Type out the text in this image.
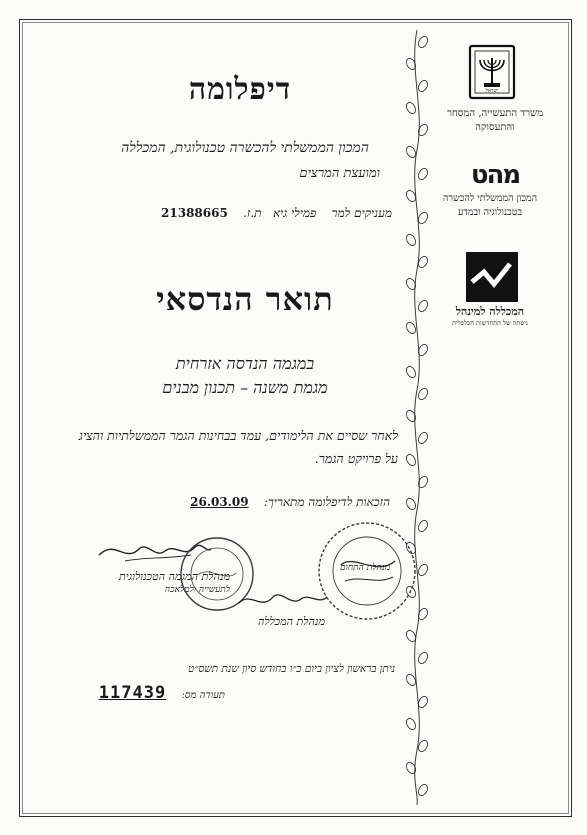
דיפלומה
המכון הממשלתי להכשרה טכנולוגית, המכללה
ומועצת המרצים
מעניקים למר    פמילי גיא   ת.ז.    21388665
תואר הנדסאי
במגמה הנדסה אזרחית
מגמת משנה – תכנון מבנים
לאחר שסיים את הלימודים, עמד בבחינות הגמר הממשלתיות והציג
על פרויקט הגמר.
הזכאות לדיפלומה מתאריך:    26.03.09
מנהלת המגמה הטכנולוגית
לתעשייה ולמלאכה
מנהלת המכללה
מנהלת התחום
ניתן בראשון לציון ביום כ״ו בחודש סיון שנת תשס״ט
תעודה מס:   117439
ישראל
משרד התעשייה, המסחר
והתעסוקה
מהט
המכון הממשלתי להכשרה
בטכנולוגיה ובמדע
המכללה למינהל
ניסתה של התחדשות הכלכלית
